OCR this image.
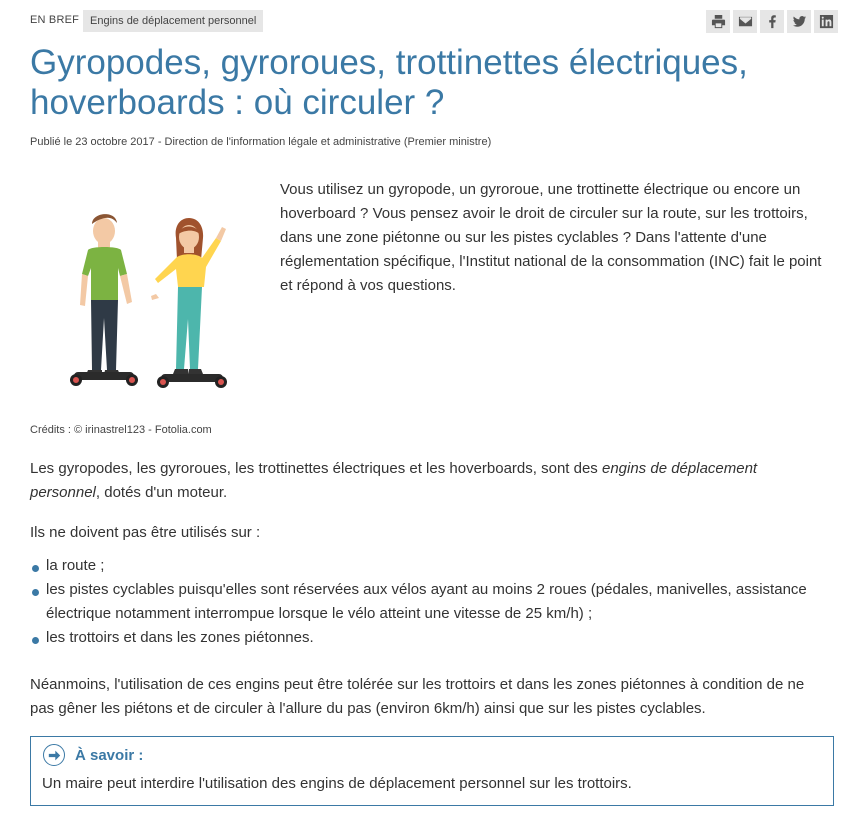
EN BREF Engins de déplacement personnel
Gyropodes, gyroroues, trottinettes électriques, hoverboards : où circuler ?
Publié le 23 octobre 2017 - Direction de l'information légale et administrative (Premier ministre)
Crédits : © irinastrel123 - Fotolia.com
Vous utilisez un gyropode, un gyroroue, une trottinette électrique ou encore un hoverboard ? Vous pensez avoir le droit de circuler sur la route, sur les trottoirs, dans une zone piétonne ou sur les pistes cyclables ? Dans l'attente d'une réglementation spécifique, l'Institut national de la consommation (INC) fait le point et répond à vos questions.

Les gyropodes, les gyroroues, les trottinettes électriques et les hoverboards, sont des engins de déplacement personnel, dotés d'un moteur.

Ils ne doivent pas être utilisés sur :

la route ;
les pistes cyclables puisqu'elles sont réservées aux vélos ayant au moins 2 roues (pédales, manivelles, assistance électrique notamment interrompue lorsque le vélo atteint une vitesse de 25 km/h) ;
les trottoirs et dans les zones piétonnes.

Néanmoins, l'utilisation de ces engins peut être tolérée sur les trottoirs et dans les zones piétonnes à condition de ne pas gêner les piétons et de circuler à l'allure du pas (environ 6km/h) ainsi que sur les pistes cyclables.

À savoir :
Un maire peut interdire l'utilisation des engins de déplacement personnel sur les trottoirs.
